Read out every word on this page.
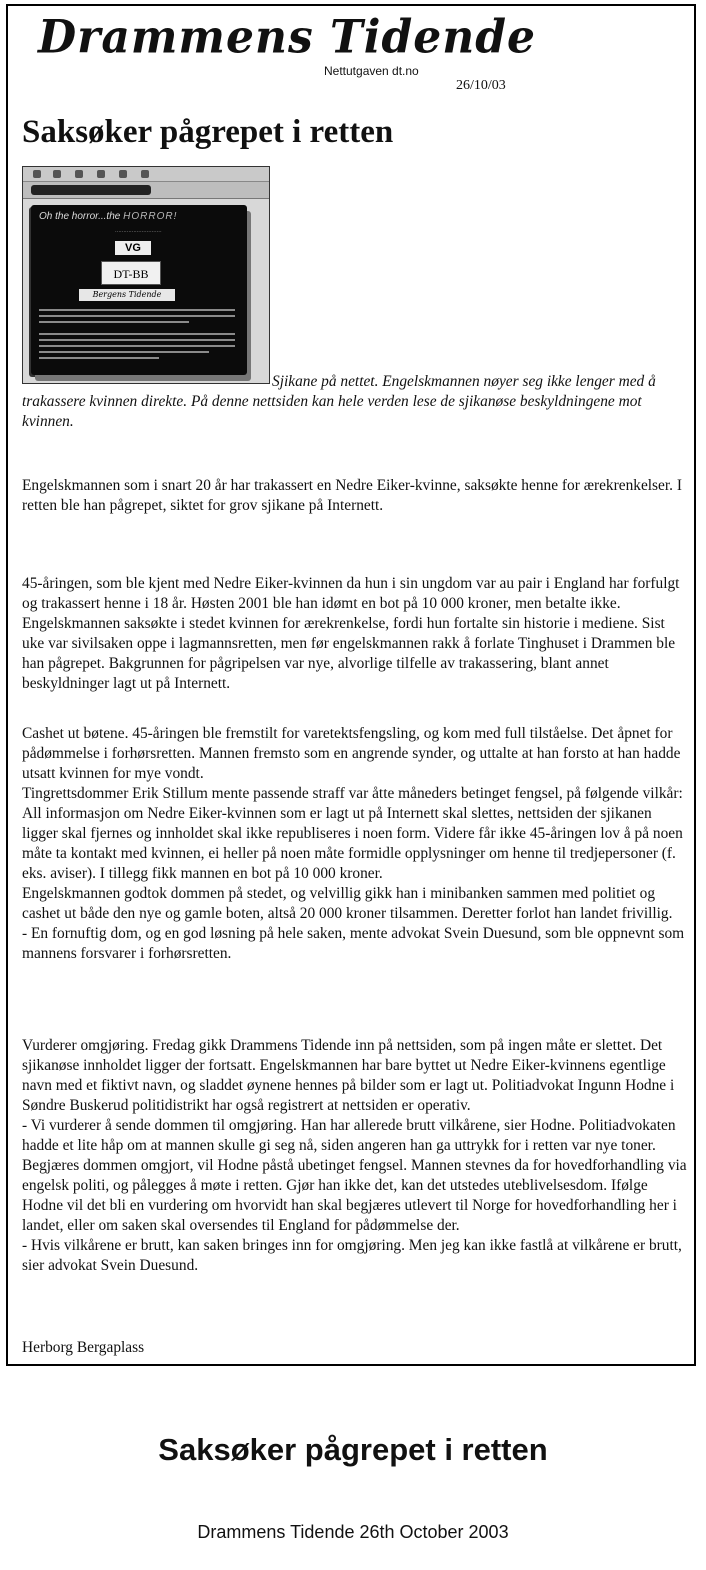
Drammens Tidende
Nettutgaven dt.no
26/10/03
Saksøker pågrepet i retten
Oh the horror...the HORROR!
····························
VG
DT-BB
Bergens Tidende

Sjikane på nettet. Engelskmannen nøyer seg ikke lenger med å trakassere kvinnen direkte. På denne nettsiden kan hele verden lese de sjikanøse beskyldningene mot kvinnen.

Engelskmannen som i snart 20 år har trakassert en Nedre Eiker-kvinne, saksøkte henne for ærekrenkelser. I retten ble han pågrepet, siktet for grov sjikane på Internett.

45-åringen, som ble kjent med Nedre Eiker-kvinnen da hun i sin ungdom var au pair i England har forfulgt og trakassert henne i 18 år. Høsten 2001 ble han idømt en bot på 10 000 kroner, men betalte ikke.

Engelskmannen saksøkte i stedet kvinnen for ærekrenkelse, fordi hun fortalte sin historie i mediene. Sist uke var sivilsaken oppe i lagmannsretten, men før engelskmannen rakk å forlate Tinghuset i Drammen ble han pågrepet. Bakgrunnen for pågripelsen var nye, alvorlige tilfelle av trakassering, blant annet beskyldninger lagt ut på Internett.

Cashet ut bøtene. 45-åringen ble fremstilt for varetektsfengsling, og kom med full tilståelse. Det åpnet for pådømmelse i forhørsretten. Mannen fremsto som en angrende synder, og uttalte at han forsto at han hadde utsatt kvinnen for mye vondt.

Tingrettsdommer Erik Stillum mente passende straff var åtte måneders betinget fengsel, på følgende vilkår: All informasjon om Nedre Eiker-kvinnen som er lagt ut på Internett skal slettes, nettsiden der sjikanen ligger skal fjernes og innholdet skal ikke republiseres i noen form. Videre får ikke 45-åringen lov å på noen måte ta kontakt med kvinnen, ei heller på noen måte formidle opplysninger om henne til tredjepersoner (f. eks. aviser). I tillegg fikk mannen en bot på 10 000 kroner.

Engelskmannen godtok dommen på stedet, og velvillig gikk han i minibanken sammen med politiet og cashet ut både den nye og gamle boten, altså 20 000 kroner tilsammen. Deretter forlot han landet frivillig.

- En fornuftig dom, og en god løsning på hele saken, mente advokat Svein Duesund, som ble oppnevnt som mannens forsvarer i forhørsretten.

Vurderer omgjøring. Fredag gikk Drammens Tidende inn på nettsiden, som på ingen måte er slettet. Det sjikanøse innholdet ligger der fortsatt. Engelskmannen har bare byttet ut Nedre Eiker-kvinnens egentlige navn med et fiktivt navn, og sladdet øynene hennes på bilder som er lagt ut. Politiadvokat Ingunn Hodne i Søndre Buskerud politidistrikt har også registrert at nettsiden er operativ.

- Vi vurderer å sende dommen til omgjøring. Han har allerede brutt vilkårene, sier Hodne. Politiadvokaten hadde et lite håp om at mannen skulle gi seg nå, siden angeren han ga uttrykk for i retten var nye toner. Begjæres dommen omgjort, vil Hodne påstå ubetinget fengsel. Mannen stevnes da for hovedforhandling via engelsk politi, og pålegges å møte i retten. Gjør han ikke det, kan det utstedes uteblivelsesdom. Ifølge Hodne vil det bli en vurdering om hvorvidt han skal begjæres utlevert til Norge for hovedforhandling her i landet, eller om saken skal oversendes til England for pådømmelse der.

- Hvis vilkårene er brutt, kan saken bringes inn for omgjøring. Men jeg kan ikke fastlå at vilkårene er brutt, sier advokat Svein Duesund.

Herborg Bergaplass

Saksøker pågrepet i retten
Drammens Tidende 26th October 2003
